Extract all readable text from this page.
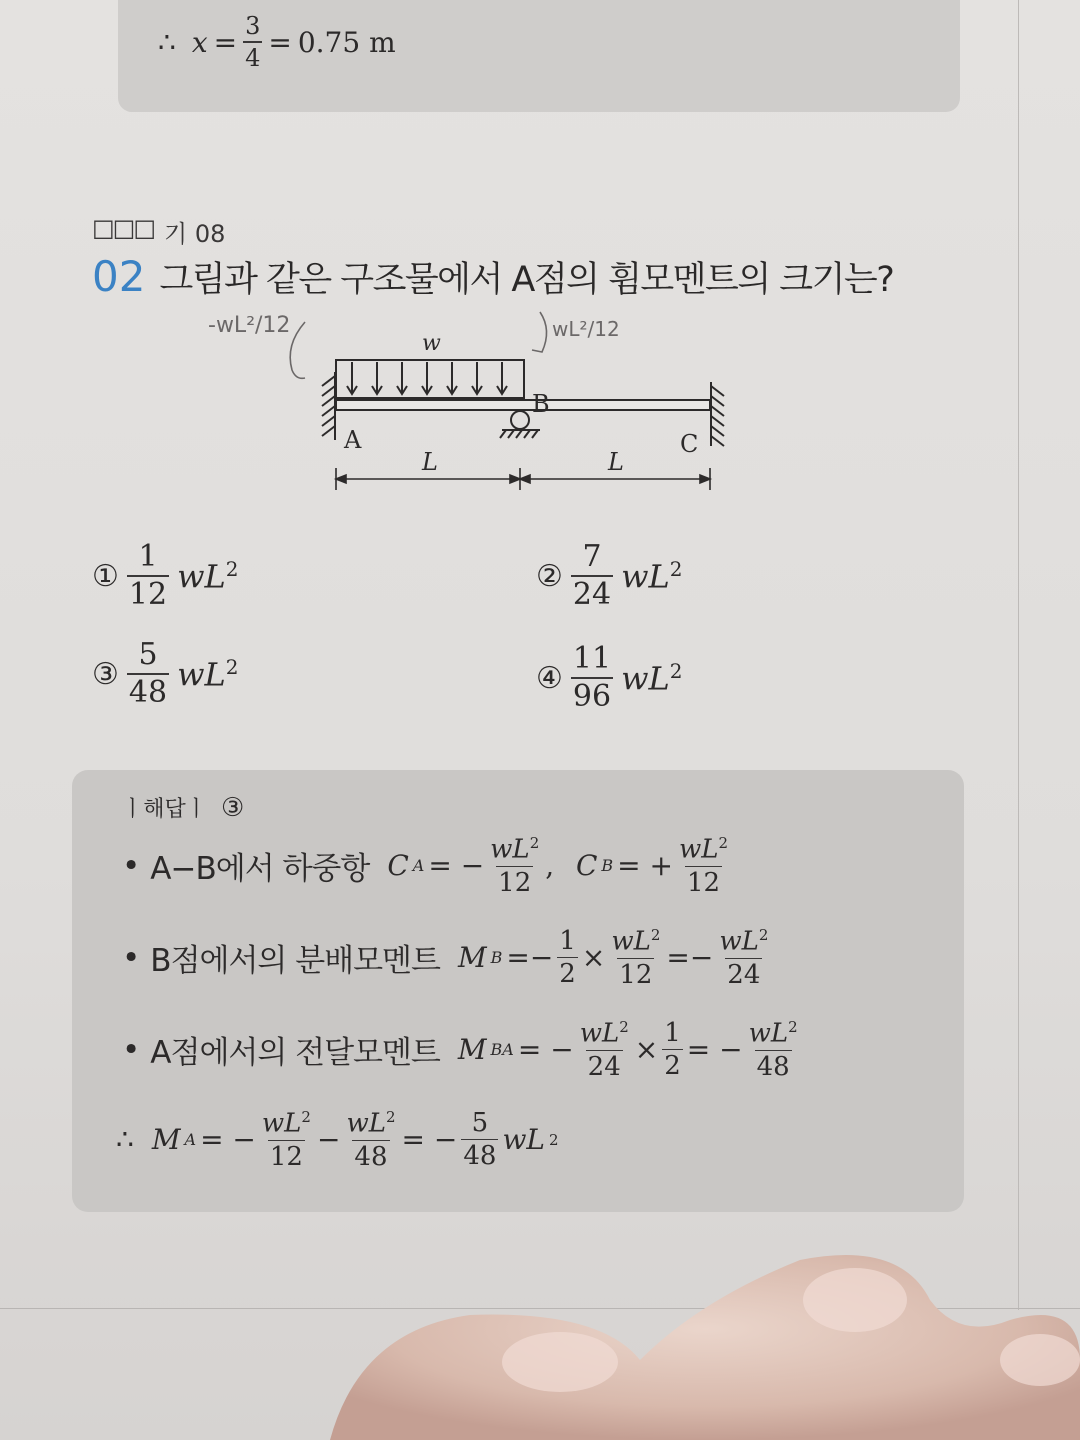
∴ $x = \frac{3}{4} = 0.75$ m
□□□ 기 08
02 그림과 같은 구조물에서 A점의 휨모멘트의 크기는?
-wL²/12	wL²/12
w
A
B
C
L	L
① $\frac{1}{12} wL^2$	② $\frac{7}{24} wL^2$
③ $\frac{5}{48} wL^2$	④ $\frac{11}{96} wL^2$
ㅣ해답ㅣ ③
• A−B에서 하중항 C A = − $\frac{wL^2}{12}$ , C B = + $\frac{wL^2}{12}$
• B점에서의 분배모멘트 M $B =- \frac{1}{2} \times \frac{wL^2}{12} =- \frac{wL^2}{24}$
• A점에서의 전달모멘트 M BA = − $\frac{wL^2}{24} \times \frac{1}{2}$ = − $\frac{wL^2}{48}$
∴ M A = − $\frac{wL^2}{12} - \frac{wL^2}{48}$ = − $\frac{5}{48}$ wL 2
